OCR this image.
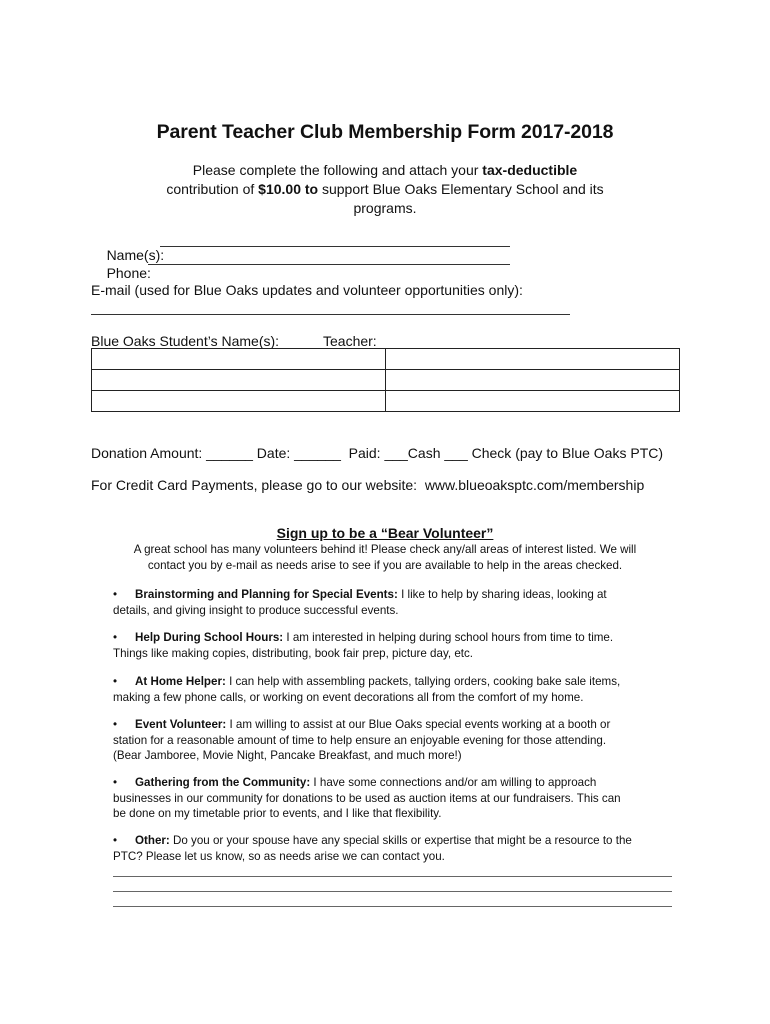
Parent Teacher Club Membership Form 2017-2018
Please complete the following and attach your tax-deductible
contribution of $10.00 to support Blue Oaks Elementary School and its
programs.

Name(s):

Phone:

E-mail (used for Blue Oaks updates and volunteer opportunities only):
Blue Oaks Student’s Name(s):	Teacher:

Donation Amount: ______ Date: ______  Paid: ___Cash ___ Check (pay to Blue Oaks PTC)
For Credit Card Payments, please go to our website:  www.blueoaksptc.com/membership
Sign up to be a “Bear Volunteer”
A great school has many volunteers behind it! Please check any/all areas of interest listed. We will
contact you by e-mail as needs arise to see if you are available to help in the areas checked.
• Brainstorming and Planning for Special Events: I like to help by sharing ideas, looking at
details, and giving insight to produce successful events.
• Help During School Hours: I am interested in helping during school hours from time to time.
Things like making copies, distributing, book fair prep, picture day, etc.
• At Home Helper: I can help with assembling packets, tallying orders, cooking bake sale items,
making a few phone calls, or working on event decorations all from the comfort of my home.
• Event Volunteer: I am willing to assist at our Blue Oaks special events working at a booth or
station for a reasonable amount of time to help ensure an enjoyable evening for those attending.
(Bear Jamboree, Movie Night, Pancake Breakfast, and much more!)
• Gathering from the Community: I have some connections and/or am willing to approach
businesses in our community for donations to be used as auction items at our fundraisers. This can
be done on my timetable prior to events, and I like that flexibility.
• Other: Do you or your spouse have any special skills or expertise that might be a resource to the
PTC? Please let us know, so as needs arise we can contact you.
